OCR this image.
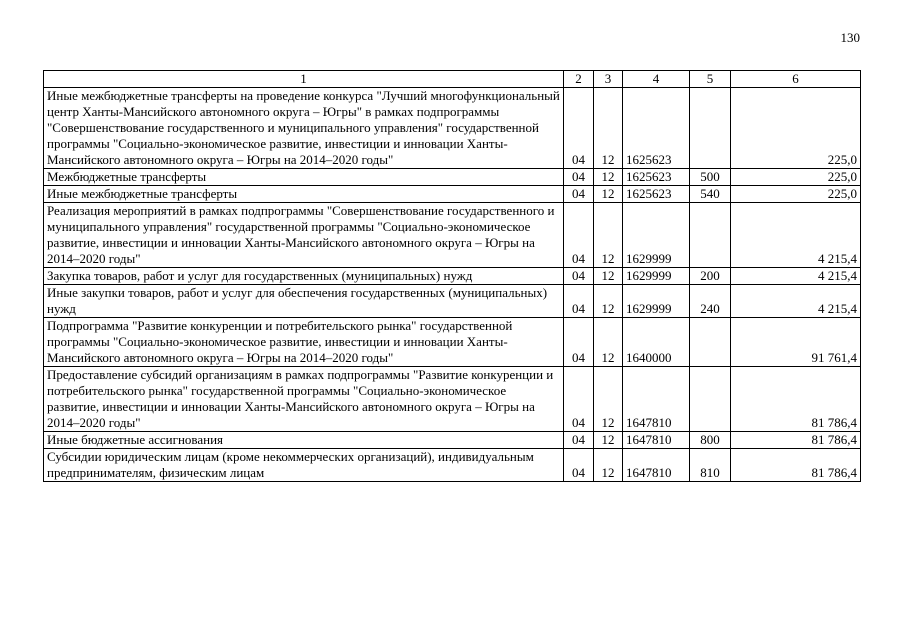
130
1	2	3	4	5	6
Иные межбюджетные трансферты на проведение конкурса "Лучший многофункциональный центр Ханты-Мансийского автономного округа – Югры" в рамках подпрограммы "Совершенствование государственного и муниципального управления" государственной программы "Социально-экономическое развитие, инвестиции и инновации Ханты-Мансийского автономного округа – Югры на 2014–2020 годы"	04	12	1625623		225,0
Межбюджетные трансферты	04	12	1625623	500	225,0
Иные межбюджетные трансферты	04	12	1625623	540	225,0
Реализация мероприятий в рамках подпрограммы "Совершенствование государственного и муниципального управления" государственной программы "Социально-экономическое развитие, инвестиции и инновации Ханты-Мансийского автономного округа – Югры на 2014–2020 годы"	04	12	1629999		4 215,4
Закупка товаров, работ и услуг для государственных (муниципальных) нужд	04	12	1629999	200	4 215,4
Иные закупки товаров, работ и услуг для обеспечения государственных (муниципальных) нужд	04	12	1629999	240	4 215,4
Подпрограмма "Развитие конкуренции и потребительского рынка" государственной программы "Социально-экономическое развитие, инвестиции и инновации Ханты-Мансийского автономного округа – Югры на 2014–2020 годы"	04	12	1640000		91 761,4
Предоставление субсидий организациям в рамках подпрограммы "Развитие конкуренции и потребительского рынка" государственной программы "Социально-экономическое развитие, инвестиции и инновации Ханты-Мансийского автономного округа – Югры на 2014–2020 годы"	04	12	1647810		81 786,4
Иные бюджетные ассигнования	04	12	1647810	800	81 786,4
Субсидии юридическим лицам (кроме некоммерческих организаций), индивидуальным предпринимателям, физическим лицам	04	12	1647810	810	81 786,4
